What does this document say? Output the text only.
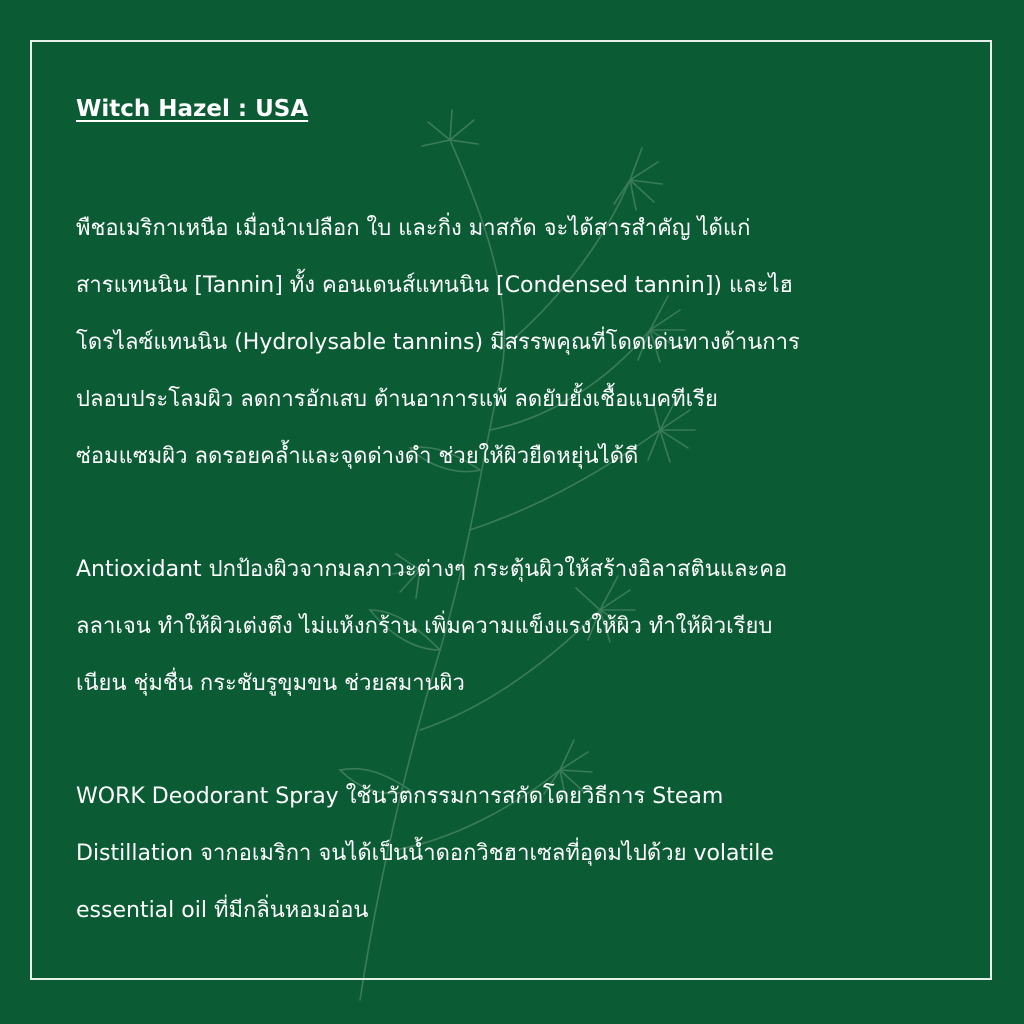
Witch Hazel : USA
พืชอเมริกาเหนือ เมื่อนำเปลือก ใบ และกิ่ง มาสกัด จะได้สารสำคัญ ได้แก่
สารแทนนิน [Tannin] ทั้ง คอนเดนส์แทนนิน [Condensed tannin]) และไฮ
โดรไลซ์แทนนิน (Hydrolysable tannins) มีสรรพคุณที่โดดเด่นทางด้านการ
ปลอบประโลมผิว ลดการอักเสบ ต้านอาการแพ้ ลดยับยั้งเชื้อแบคทีเรีย
ซ่อมแซมผิว ลดรอยคล้ำและจุดด่างดำ ช่วยให้ผิวยืดหยุ่นได้ดี
Antioxidant ปกป้องผิวจากมลภาวะต่างๆ กระตุ้นผิวให้สร้างอิลาสตินและคอ
ลลาเจน ทำให้ผิวเต่งตึง ไม่แห้งกร้าน เพิ่มความแข็งแรงให้ผิว ทำให้ผิวเรียบ
เนียน ชุ่มชื่น กระชับรูขุมขน ช่วยสมานผิว
WORK Deodorant Spray ใช้นวัตกรรมการสกัดโดยวิธีการ Steam
Distillation จากอเมริกา จนได้เป็นน้ำดอกวิชฮาเซลที่อุดมไปด้วย volatile
essential oil ที่มีกลิ่นหอมอ่อน
